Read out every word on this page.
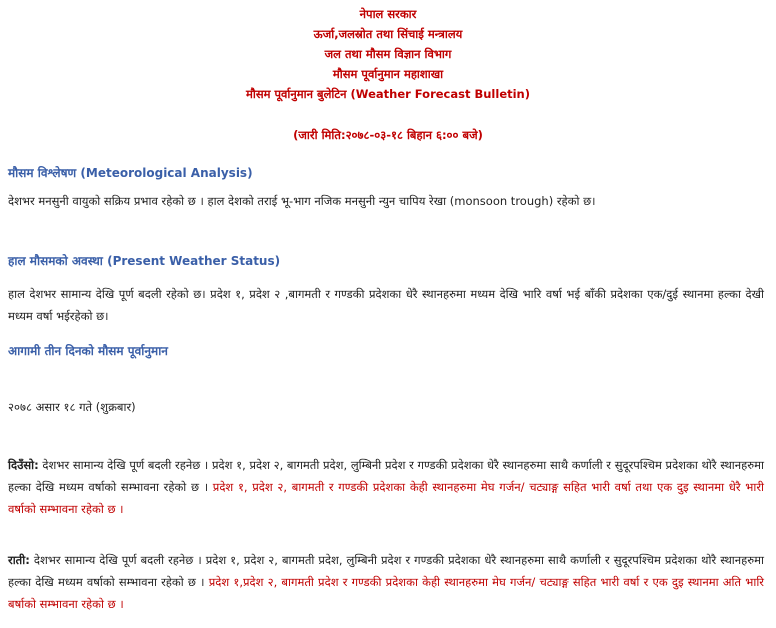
नेपाल सरकार
ऊर्जा,जलस्रोत तथा सिंचाई मन्त्रालय
जल तथा मौसम विज्ञान विभाग
मौसम पूर्वानुमान महाशाखा
मौसम पूर्वानुमान बुलेटिन (Weather Forecast Bulletin)
(जारी मिति:२०७८-०३-१८ बिहान ६:०० बजे)
मौसम विश्लेषण (Meteorological Analysis)
देशभर मनसुनी वायुको सक्रिय प्रभाव रहेको छ । हाल देशको तराई भू-भाग नजिक मनसुनी न्युन चापिय रेखा (monsoon trough) रहेको छ।
हाल मौसमको अवस्था (Present Weather Status)
हाल देशभर सामान्य देखि पूर्ण बदली रहेको छ। प्रदेश १, प्रदेश २ ,बागमती र गण्डकी प्रदेशका धेरै स्थानहरुमा मध्यम देखि भारि वर्षा भई बाँकी प्रदेशका एक/दुई स्थानमा हल्का देखी मध्यम वर्षा भईरहेको छ।
आगामी तीन दिनको मौसम पूर्वानुमान
२०७८ असार १८ गते (शुक्रबार)
दिउँसो: देशभर सामान्य देखि पूर्ण बदली रहनेछ । प्रदेश १, प्रदेश २, बागमती प्रदेश, लुम्बिनी प्रदेश र गण्डकी प्रदेशका धेरै स्थानहरुमा साथै कर्णाली र सुदूरपश्चिम प्रदेशका थोरै स्थानहरुमा हल्का देखि मध्यम वर्षाको सम्भावना रहेको छ । प्रदेश १, प्रदेश २, बागमती र गण्डकी प्रदेशका केही स्थानहरुमा मेघ गर्जन/ चट्याङ्ग सहित भारी वर्षा तथा एक दुइ स्थानमा धेरै भारी वर्षाको सम्भावना रहेको छ ।
राती: देशभर सामान्य देखि पूर्ण बदली रहनेछ । प्रदेश १, प्रदेश २, बागमती प्रदेश, लुम्बिनी प्रदेश र गण्डकी प्रदेशका धेरै स्थानहरुमा साथै कर्णाली र सुदूरपश्चिम प्रदेशका थोरै स्थानहरुमा हल्का देखि मध्यम वर्षाको सम्भावना रहेको छ । प्रदेश १,प्रदेश २, बागमती प्रदेश र गण्डकी प्रदेशका केही स्थानहरुमा मेघ गर्जन/ चट्याङ्ग सहित भारी वर्षा र एक दुइ स्थानमा अति भारि बर्षाको सम्भावना रहेको छ ।
